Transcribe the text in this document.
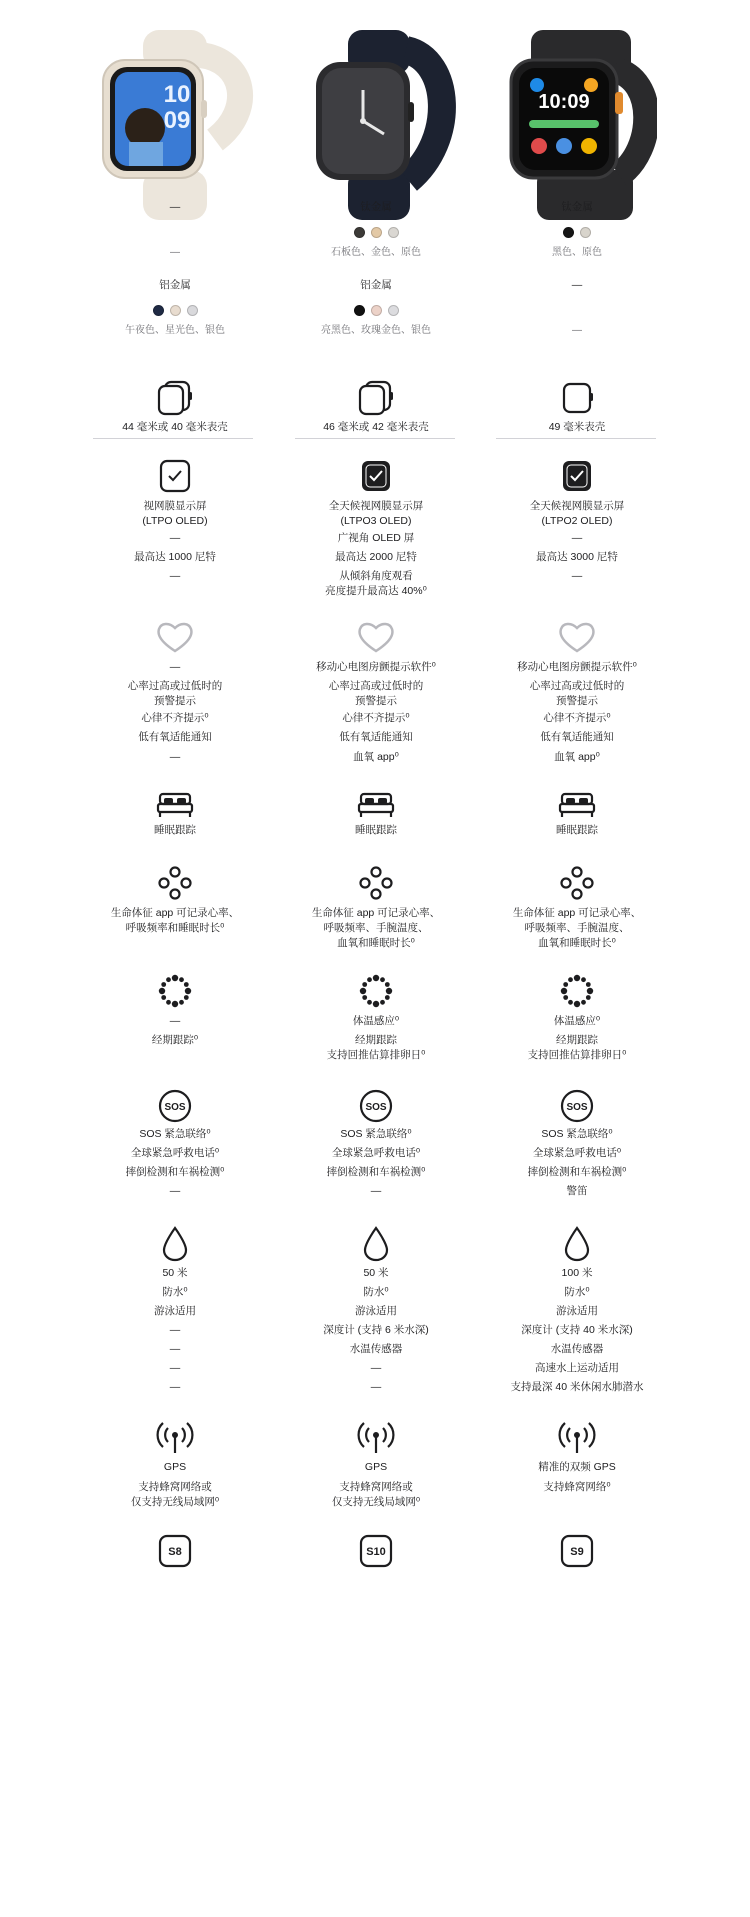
10
09
—
—
铝金属
午夜色、星光色、银色
44 毫米或 40 毫米表壳
视网膜显示屏
(LTPO OLED)
—
最高达 1000 尼特
—
—
心率过高或过低时的
预警提示
心律不齐提示⁰
低有氧适能通知
—
睡眠跟踪
生命体征 app 可记录心率、
呼吸频率和睡眠时长⁰
—
经期跟踪⁰
SOS
SOS 紧急联络⁰
全球紧急呼救电话⁰
摔倒检测和车祸检测⁰
—
50 米
防水⁰
游泳适用
—
—
—
—
GPS
支持蜂窝网络或
仅支持无线局域网⁰
S8
钛金属
石板色、金色、原色
铝金属
亮黑色、玫瑰金色、银色
46 毫米或 42 毫米表壳
全天候视网膜显示屏
(LTPO3 OLED)
广视角 OLED 屏
最高达 2000 尼特
从倾斜角度观看
亮度提升最高达 40%⁰
移动心电图房颤提示软件⁰
心率过高或过低时的
预警提示
心律不齐提示⁰
低有氧适能通知
血氧 app⁰
睡眠跟踪
生命体征 app 可记录心率、
呼吸频率、手腕温度、
血氧和睡眠时长⁰
体温感应⁰
经期跟踪
支持回推估算排卵日⁰
SOS
SOS 紧急联络⁰
全球紧急呼救电话⁰
摔倒检测和车祸检测⁰
—
50 米
防水⁰
游泳适用
深度计 (支持 6 米水深)
水温传感器
—
—
GPS
支持蜂窝网络或
仅支持无线局域网⁰
S10
10:09
钛金属
黑色、原色
—
—
49 毫米表壳
全天候视网膜显示屏
(LTPO2 OLED)
—
最高达 3000 尼特
—
移动心电图房颤提示软件⁰
心率过高或过低时的
预警提示
心律不齐提示⁰
低有氧适能通知
血氧 app⁰
睡眠跟踪
生命体征 app 可记录心率、
呼吸频率、手腕温度、
血氧和睡眠时长⁰
体温感应⁰
经期跟踪
支持回推估算排卵日⁰
SOS
SOS 紧急联络⁰
全球紧急呼救电话⁰
摔倒检测和车祸检测⁰
警笛
100 米
防水⁰
游泳适用
深度计 (支持 40 米水深)
水温传感器
高速水上运动适用
支持最深 40 米休闲水肺潜水
精准的双频 GPS
支持蜂窝网络⁰
S9
